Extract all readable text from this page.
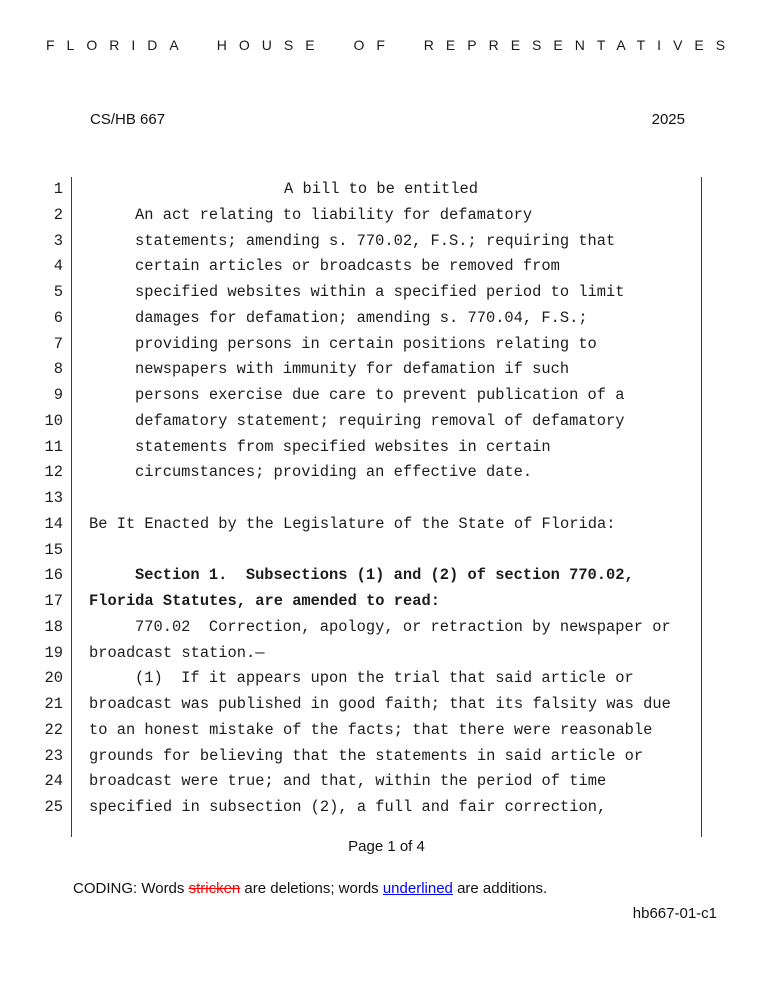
FLORIDA HOUSE OF REPRESENTATIVES
CS/HB 667	2025
1	A bill to be entitled
2	An act relating to liability for defamatory
3	statements; amending s. 770.02, F.S.; requiring that
4	certain articles or broadcasts be removed from
5	specified websites within a specified period to limit
6	damages for defamation; amending s. 770.04, F.S.;
7	providing persons in certain positions relating to
8	newspapers with immunity for defamation if such
9	persons exercise due care to prevent publication of a
10	defamatory statement; requiring removal of defamatory
11	statements from specified websites in certain
12	circumstances; providing an effective date.
13
14 Be It Enacted by the Legislature of the State of Florida:
15
16	Section 1.  Subsections (1) and (2) of section 770.02,
17 Florida Statutes, are amended to read:
18	770.02  Correction, apology, or retraction by newspaper or
19 broadcast station.—
20	(1)  If it appears upon the trial that said article or
21 broadcast was published in good faith; that its falsity was due
22 to an honest mistake of the facts; that there were reasonable
23 grounds for believing that the statements in said article or
24 broadcast were true; and that, within the period of time
25 specified in subsection (2), a full and fair correction,
Page 1 of 4
CODING: Words stricken are deletions; words underlined are additions.
hb667-01-c1
